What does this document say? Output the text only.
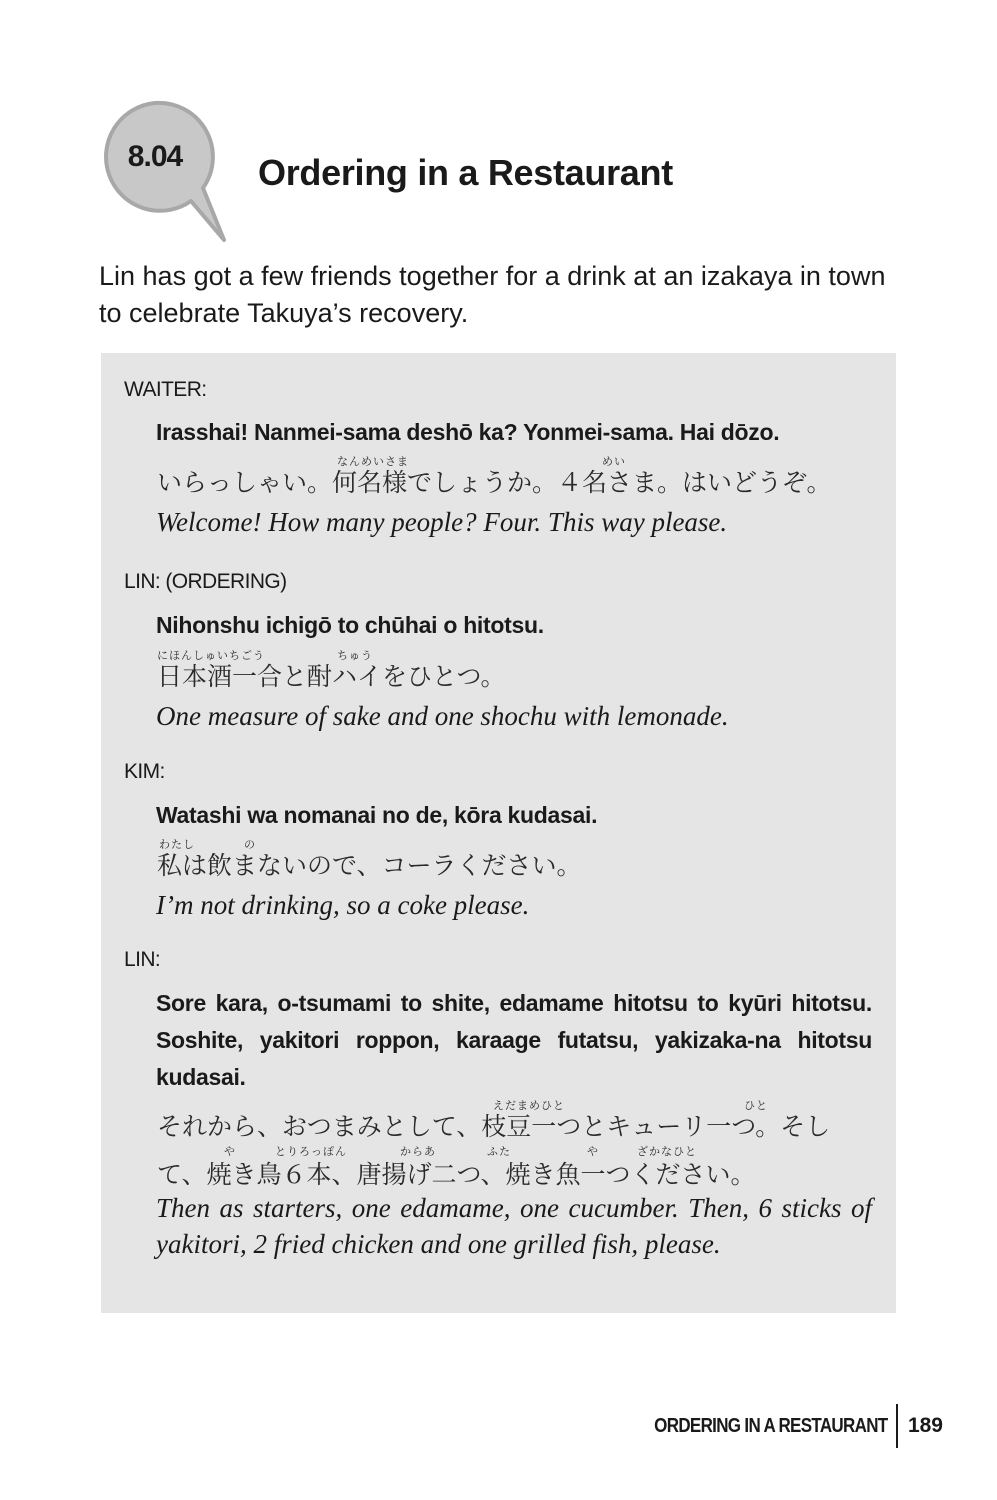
8.04	Ordering in a Restaurant

Lin has got a few friends together for a drink at an izakaya in town to celebrate Takuya’s recovery.

WAITER:
Irasshai! Nanmei-sama deshō ka? Yonmei-sama. Hai dōzo.
なんめいさま	めい
いらっしゃい。何名様でしょうか。４名さま。はいどうぞ。
Welcome! How many people? Four. This way please.
LIN: (ORDERING)
Nihonshu ichigō to chūhai o hitotsu.
にほんしゅいちごう	ちゅう
日本酒一合と酎ハイをひとつ。
One measure of sake and one shochu with lemonade.
KIM:
Watashi wa nomanai no de, kōra kudasai.
わたし	の
私は飲まないので、コーラください。
I’m not drinking, so a coke please.
LIN:
Sore kara, o-tsumami to shite, edamame hitotsu to kyūri hitotsu. Soshite, yakitori roppon, karaage futatsu, yakizaka-na hitotsu kudasai.
えだまめひと	ひと
や	とりろっぽん	からあ	ふた	や	ざかなひと
それから、おつまみとして、枝豆一つとキューリ一つ。そして、焼き鳥６本、唐揚げ二つ、焼き魚一つください。
Then as starters, one edamame, one cucumber. Then, 6 sticks of yakitori, 2 fried chicken and one grilled fish, please.
ORDERING IN A RESTAURANT 189
